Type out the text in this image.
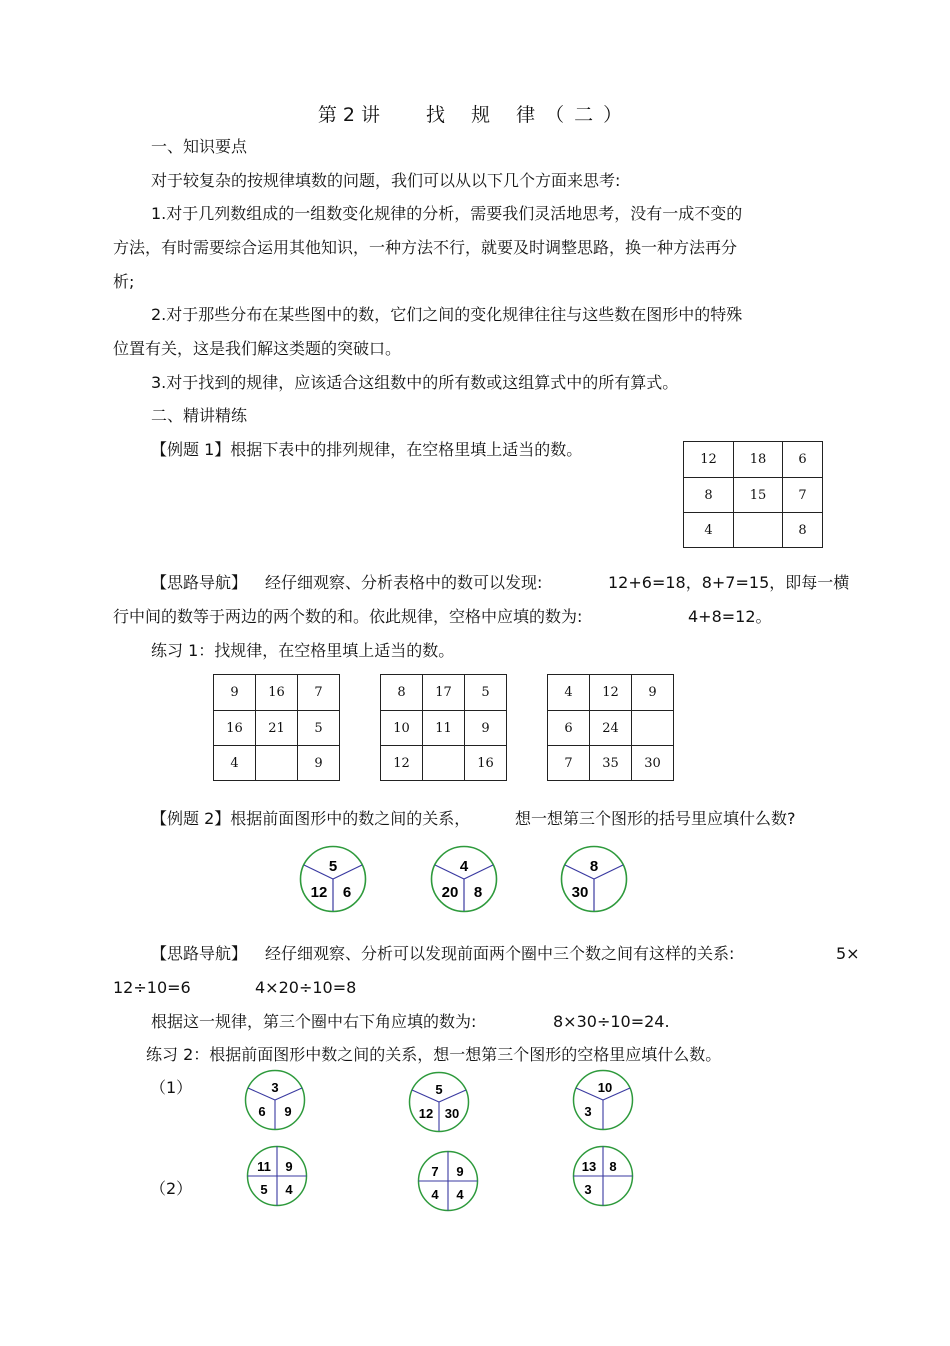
第 2 讲 找 规 律（二）
一、知识要点
对于较复杂的按规律填数的问题，我们可以从以下几个方面来思考:
1.对于几列数组成的一组数变化规律的分析，需要我们灵活地思考，没有一成不变的
方法，有时需要综合运用其他知识，一种方法不行，就要及时调整思路，换一种方法再分
析;
2.对于那些分布在某些图中的数，它们之间的变化规律往往与这些数在图形中的特殊
位置有关，这是我们解这类题的突破口。
3.对于找到的规律，应该适合这组数中的所有数或这组算式中的所有算式。
二、精讲精练
【例题 1】根据下表中的排列规律，在空格里填上适当的数。
12	18	6
8	15	7
4		8
【思路导航】 经仔细观察、分析表格中的数可以发现:	12+6=18，8+7=15，即每一横
行中间的数等于两边的两个数的和。依此规律，空格中应填的数为:	4+8=12。
练习 1：找规律，在空格里填上适当的数。
9	16	7
16	21	5
4		9
8	17	5
10	11	9
12		16
4	12	9
6	24	
7	35	30
【例题 2】根据前面图形中的数之间的关系，	想一想第三个图形的括号里应填什么数?
5
12 6
4
20 8
8
30
【思路导航】 经仔细观察、分析可以发现前面两个圈中三个数之间有这样的关系:	5×
12÷10=6	4×20÷10=8
根据这一规律，第三个圈中右下角应填的数为:	8×30÷10=24.
练习 2：根据前面图形中数之间的关系，想一想第三个图形的空格里应填什么数。
（1）
（2）
3
6 9
5
12 30
10
3
11 9
5 4
7 9
4 4
13 8
3
